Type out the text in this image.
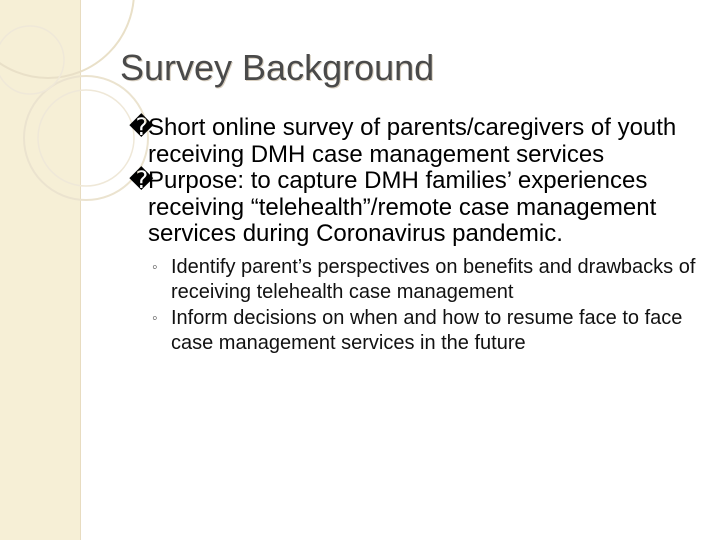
Survey Background
�
Short online survey of parents/caregivers of youth receiving DMH case management services
�
Purpose: to capture DMH families’ experiences receiving “telehealth”/remote case management services during Coronavirus pandemic.
◦ Identify parent’s perspectives on benefits and drawbacks of receiving telehealth case management
◦ Inform decisions on when and how to resume face to face case management services in the future
